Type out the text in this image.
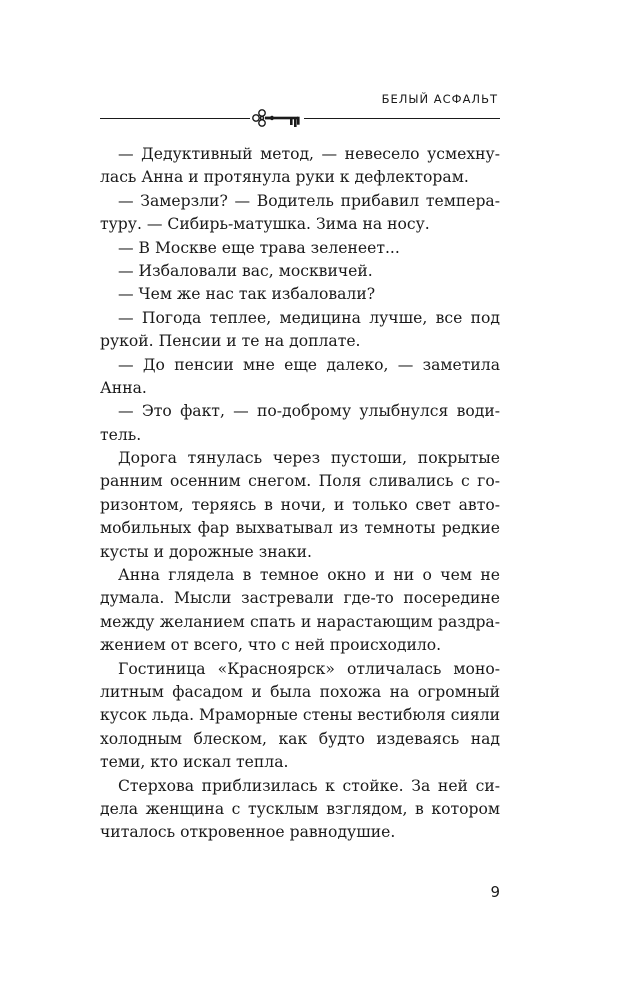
БЕЛЫЙ АСФАЛЬТ
— Дедуктивный метод, — невесело усмехну-
лась Анна и протянула руки к дефлекторам.
— Замерзли? — Водитель прибавил темпера-
туру. — Сибирь-матушка. Зима на носу.
— В Москве еще трава зеленеет...
— Избаловали вас, москвичей.
— Чем же нас так избаловали?
— Погода теплее, медицина лучше, все под
рукой. Пенсии и те на доплате.
— До пенсии мне еще далеко, — заметила
Анна.
— Это факт, — по-доброму улыбнулся води-
тель.
Дорога тянулась через пустоши, покрытые
ранним осенним снегом. Поля сливались с го-
ризонтом, теряясь в ночи, и только свет авто-
мобильных фар выхватывал из темноты редкие
кусты и дорожные знаки.
Анна глядела в темное окно и ни о чем не
думала. Мысли застревали где-то посередине
между желанием спать и нарастающим раздра-
жением от всего, что с ней происходило.
Гостиница «Красноярск» отличалась моно-
литным фасадом и была похожа на огромный
кусок льда. Мраморные стены вестибюля сияли
холодным блеском, как будто издеваясь над
теми, кто искал тепла.
Стерхова приблизилась к стойке. За ней си-
дела женщина с тусклым взглядом, в котором
читалось откровенное равнодушие.
9
